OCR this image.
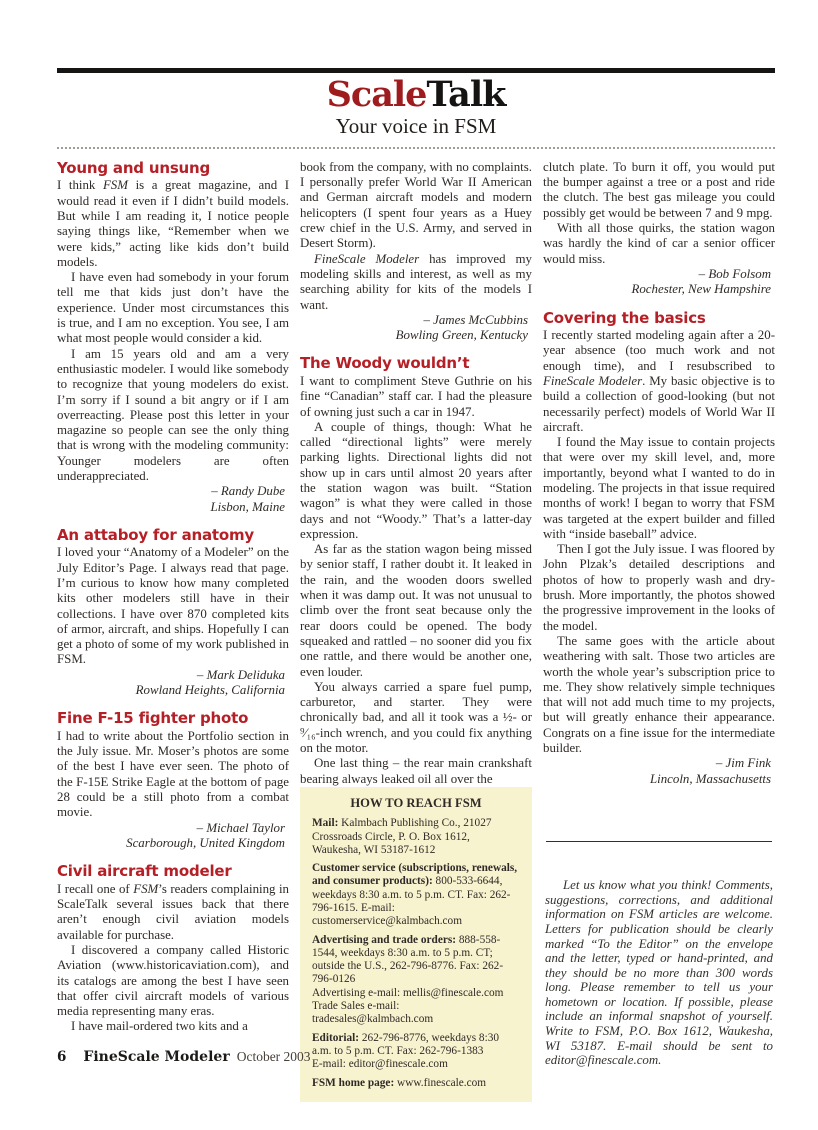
ScaleTalk
Your voice in FSM
Young and unsung

I think FSM is a great magazine, and I would read it even if I didn’t build models. But while I am reading it, I notice people saying things like, “Remember when we were kids,” acting like kids don’t build models.

I have even had somebody in your forum tell me that kids just don’t have the experience. Under most circumstances this is true, and I am no exception. You see, I am what most people would consider a kid.

I am 15 years old and am a very enthusiastic modeler. I would like somebody to recognize that young modelers do exist. I’m sorry if I sound a bit angry or if I am overreacting. Please post this letter in your magazine so people can see the only thing that is wrong with the modeling community: Younger modelers are often underappreciated.

– Randy Dube

Lisbon, Maine

An attaboy for anatomy

I loved your “Anatomy of a Modeler” on the July Editor’s Page. I always read that page. I’m curious to know how many completed kits other modelers still have in their collections. I have over 870 completed kits of armor, aircraft, and ships. Hopefully I can get a photo of some of my work published in FSM.

– Mark Deliduka

Rowland Heights, California

Fine F-15 fighter photo

I had to write about the Portfolio section in the July issue. Mr. Moser’s photos are some of the best I have ever seen. The photo of the F-15E Strike Eagle at the bottom of page 28 could be a still photo from a combat movie.

– Michael Taylor

Scarborough, United Kingdom

Civil aircraft modeler

I recall one of FSM’s readers complaining in ScaleTalk several issues back that there aren’t enough civil aviation models available for purchase.

I discovered a company called Historic Aviation (www.historicaviation.com), and its catalogs are among the best I have seen that offer civil aircraft models of various media representing many eras.

I have mail-ordered two kits and a

book from the company, with no complaints. I personally prefer World War II American and German aircraft models and modern helicopters (I spent four years as a Huey crew chief in the U.S. Army, and served in Desert Storm).

FineScale Modeler has improved my modeling skills and interest, as well as my searching ability for kits of the models I want.

– James McCubbins

Bowling Green, Kentucky

The Woody wouldn’t

I want to compliment Steve Guthrie on his fine “Canadian” staff car. I had the pleasure of owning just such a car in 1947.

A couple of things, though: What he called “directional lights” were merely parking lights. Directional lights did not show up in cars until almost 20 years after the station wagon was built. “Station wagon” is what they were called in those days and not “Woody.” That’s a latter-day expression.

As far as the station wagon being missed by senior staff, I rather doubt it. It leaked in the rain, and the wooden doors swelled when it was damp out. It was not unusual to climb over the front seat because only the rear doors could be opened. The body squeaked and rattled – no sooner did you fix one rattle, and there would be another one, even louder.

You always carried a spare fuel pump, carburetor, and starter. They were chronically bad, and all it took was a ½- or ⁹⁄₁₆-inch wrench, and you could fix anything on the motor.

One last thing – the rear main crankshaft bearing always leaked oil all over the

HOW TO REACH FSM

Mail: Kalmbach Publishing Co., 21027 Crossroads Circle, P. O. Box 1612, Waukesha, WI 53187-1612

Customer service (subscriptions, renewals, and consumer products): 800-533-6644, weekdays 8:30 a.m. to 5 p.m. CT. Fax: 262-796-1615. E-mail: customerservice@kalmbach.com

Advertising and trade orders: 888-558-1544, weekdays 8:30 a.m. to 5 p.m. CT; outside the U.S., 262-796-8776. Fax: 262-796-0126

Advertising e-mail: mellis@finescale.com

Trade Sales e-mail: tradesales@kalmbach.com

Editorial: 262-796-8776, weekdays 8:30 a.m. to 5 p.m. CT. Fax: 262-796-1383

E-mail: editor@finescale.com

FSM home page: www.finescale.com

clutch plate. To burn it off, you would put the bumper against a tree or a post and ride the clutch. The best gas mileage you could possibly get would be between 7 and 9 mpg.

With all those quirks, the station wagon was hardly the kind of car a senior officer would miss.

– Bob Folsom

Rochester, New Hampshire

Covering the basics

I recently started modeling again after a 20-year absence (too much work and not enough time), and I resubscribed to FineScale Modeler. My basic objective is to build a collection of good-looking (but not necessarily perfect) models of World War II aircraft.

I found the May issue to contain projects that were over my skill level, and, more importantly, beyond what I wanted to do in modeling. The projects in that issue required months of work! I began to worry that FSM was targeted at the expert builder and filled with “inside baseball” advice.

Then I got the July issue. I was floored by John Plzak’s detailed descriptions and photos of how to properly wash and dry-brush. More importantly, the photos showed the progressive improvement in the looks of the model.

The same goes with the article about weathering with salt. Those two articles are worth the whole year’s subscription price to me. They show relatively simple techniques that will not add much time to my projects, but will greatly enhance their appearance. Congrats on a fine issue for the intermediate builder.

– Jim Fink

Lincoln, Massachusetts

Let us know what you think! Comments, suggestions, corrections, and additional information on FSM articles are welcome. Letters for publication should be clearly marked “To the Editor” on the envelope and the letter, typed or hand-printed, and they should be no more than 300 words long. Please remember to tell us your hometown or location. If possible, please include an informal snapshot of yourself. Write to FSM, P.O. Box 1612, Waukesha, WI 53187. E-mail should be sent to editor@finescale.com.

6 FineScale Modeler October 2003
